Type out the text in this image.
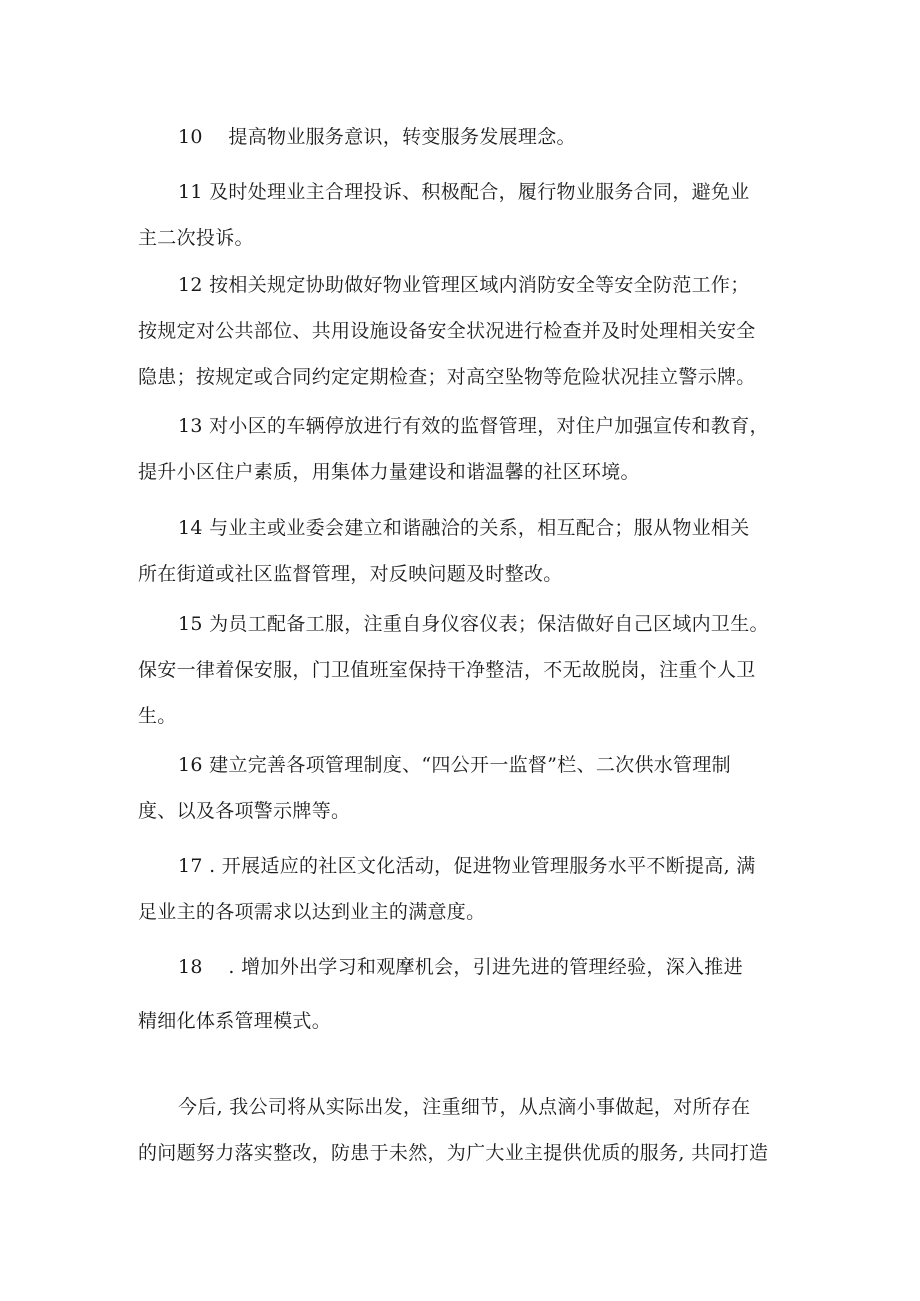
10　 提高物业服务意识，转变服务发展理念。

11 及时处理业主合理投诉、积极配合，履行物业服务合同，避免业
主二次投诉。

12 按相关规定协助做好物业管理区域内消防安全等安全防范工作；
按规定对公共部位、共用设施设备安全状况进行检查并及时处理相关安全
隐患；按规定或合同约定定期检查；对高空坠物等危险状况挂立警示牌。

13 对小区的车辆停放进行有效的监督管理，对住户加强宣传和教育，
提升小区住户素质，用集体力量建设和谐温馨的社区环境。

14 与业主或业委会建立和谐融洽的关系，相互配合；服从物业相关
所在街道或社区监督管理，对反映问题及时整改。

15 为员工配备工服，注重自身仪容仪表；保洁做好自己区域内卫生。
保安一律着保安服，门卫值班室保持干净整洁，不无故脱岗，注重个人卫
生。

16 建立完善各项管理制度、“四公开一监督”栏、二次供水管理制
度、以及各项警示牌等。

17 . 开展适应的社区文化活动，促进物业管理服务水平不断提高, 满
足业主的各项需求以达到业主的满意度。

18　 . 增加外出学习和观摩机会，引进先进的管理经验，深入推进
精细化体系管理模式。

今后, 我公司将从实际出发，注重细节，从点滴小事做起，对所存在
的问题努力落实整改，防患于未然，为广大业主提供优质的服务, 共同打造
